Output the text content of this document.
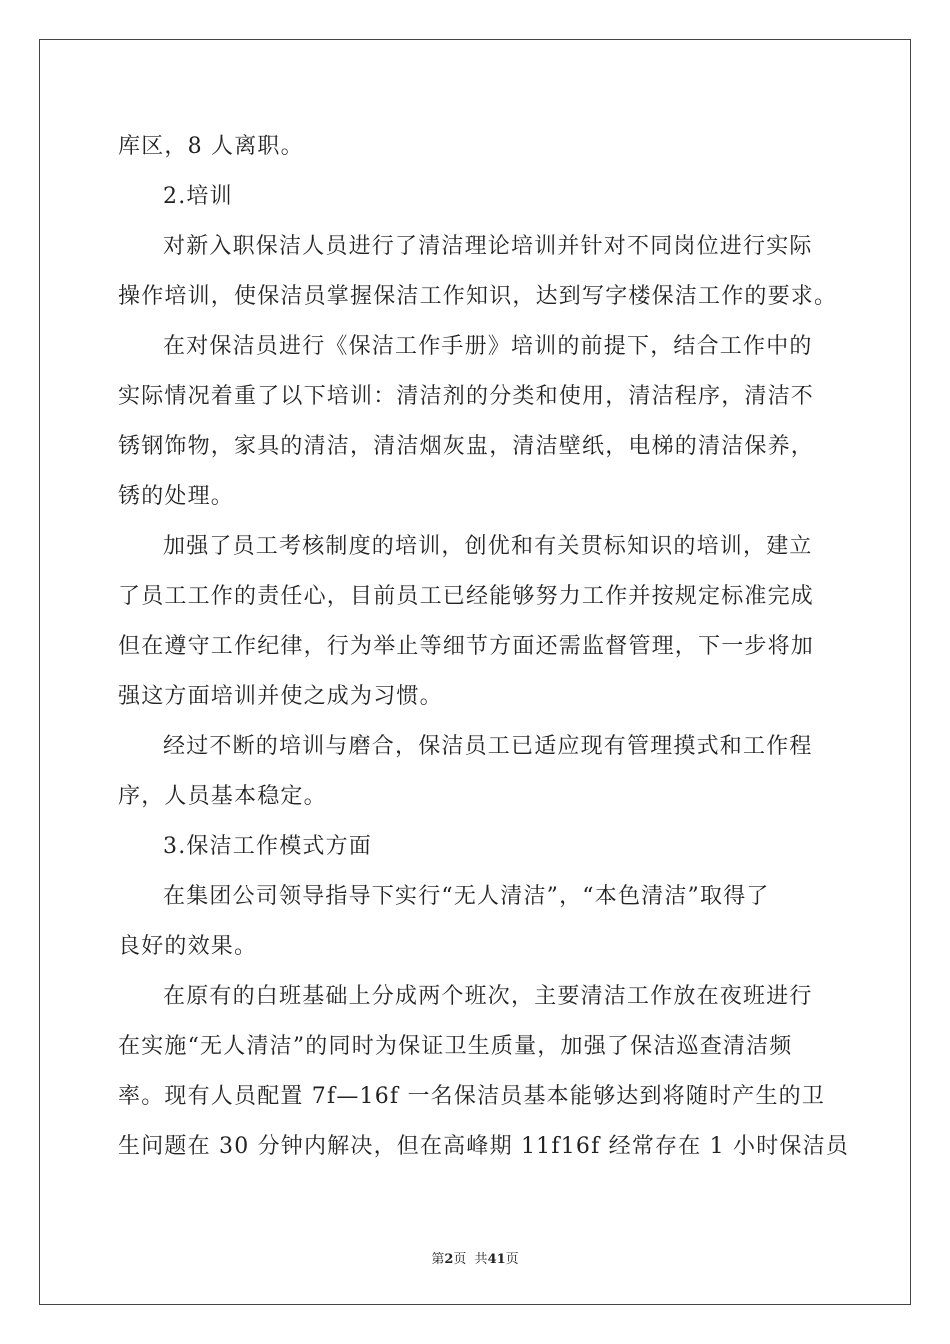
库区，8 人离职。
2.培训
对新入职保洁人员进行了清洁理论培训并针对不同岗位进行实际
操作培训，使保洁员掌握保洁工作知识，达到写字楼保洁工作的要求。
在对保洁员进行《保洁工作手册》培训的前提下，结合工作中的
实际情况着重了以下培训：清洁剂的分类和使用，清洁程序，清洁不
锈钢饰物，家具的清洁，清洁烟灰盅，清洁壁纸，电梯的清洁保养，
锈的处理。
加强了员工考核制度的培训，创优和有关贯标知识的培训，建立
了员工工作的责任心，目前员工已经能够努力工作并按规定标准完成
但在遵守工作纪律，行为举止等细节方面还需监督管理，下一步将加
强这方面培训并使之成为习惯。
经过不断的培训与磨合，保洁员工已适应现有管理摸式和工作程
序，人员基本稳定。
3.保洁工作模式方面
在集团公司领导指导下实行“无人清洁”，“本色清洁”取得了
良好的效果。
在原有的白班基础上分成两个班次，主要清洁工作放在夜班进行
在实施“无人清洁”的同时为保证卫生质量，加强了保洁巡查清洁频
率。现有人员配置 7f—16f 一名保洁员基本能够达到将随时产生的卫
生问题在 30 分钟内解决，但在高峰期 11f16f 经常存在 1 小时保洁员
第2页 共41页
